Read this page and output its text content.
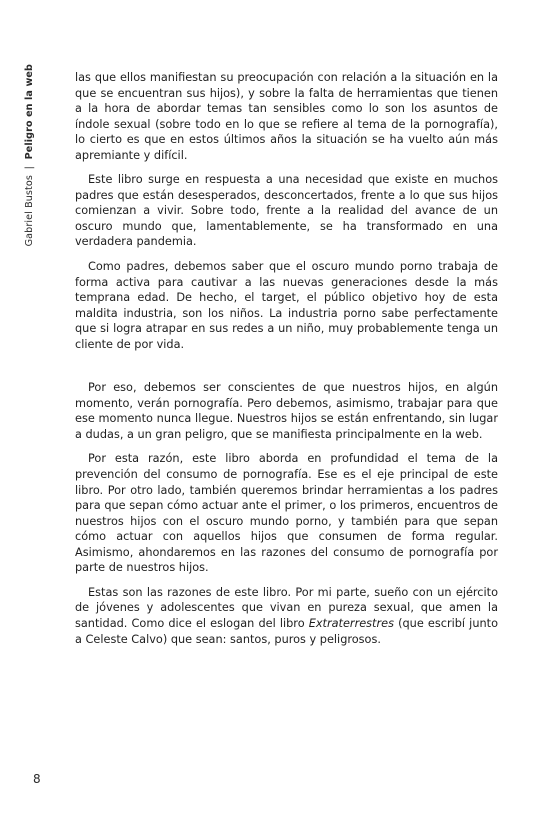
Gabriel Bustos | Peligro en la web	las que ellos manifiestan su preocupación con relación a la situación en la que se encuentran sus hijos), y sobre la falta de herramientas que tienen a la hora de abordar temas tan sensibles como lo son los asuntos de índole sexual (sobre todo en lo que se refiere al tema de la pornografía), lo cierto es que en estos últimos años la situación se ha vuelto aún más apremiante y difícil.

Este libro surge en respuesta a una necesidad que existe en muchos padres que están desesperados, desconcertados, frente a lo que sus hijos comienzan a vivir. Sobre todo, frente a la realidad del avance de un oscuro mundo que, lamentablemente, se ha transformado en una verdadera pandemia.

Como padres, debemos saber que el oscuro mundo porno trabaja de forma activa para cautivar a las nuevas generaciones desde la más temprana edad. De hecho, el target, el público objetivo hoy de esta maldita industria, son los niños. La industria porno sabe perfectamente que si logra atrapar en sus redes a un niño, muy probablemente tenga un cliente de por vida.

Por eso, debemos ser conscientes de que nuestros hijos, en algún momento, verán pornografía. Pero debemos, asimismo, trabajar para que ese momento nunca llegue. Nuestros hijos se están enfrentando, sin lugar a dudas, a un gran peligro, que se manifiesta principalmente en la web.

Por esta razón, este libro aborda en profundidad el tema de la prevención del consumo de pornografía. Ese es el eje principal de este libro. Por otro lado, también queremos brindar herramientas a los padres para que sepan cómo actuar ante el primer, o los primeros, encuentros de nuestros hijos con el oscuro mundo porno, y también para que sepan cómo actuar con aquellos hijos que consumen de forma regular. Asimismo, ahondaremos en las razones del consumo de pornografía por parte de nuestros hijos.

Estas son las razones de este libro. Por mi parte, sueño con un ejército de jóvenes y adolescentes que vivan en pureza sexual, que amen la santidad. Como dice el eslogan del libro Extraterrestres (que escribí junto a Celeste Calvo) que sean: santos, puros y peligrosos.

8
